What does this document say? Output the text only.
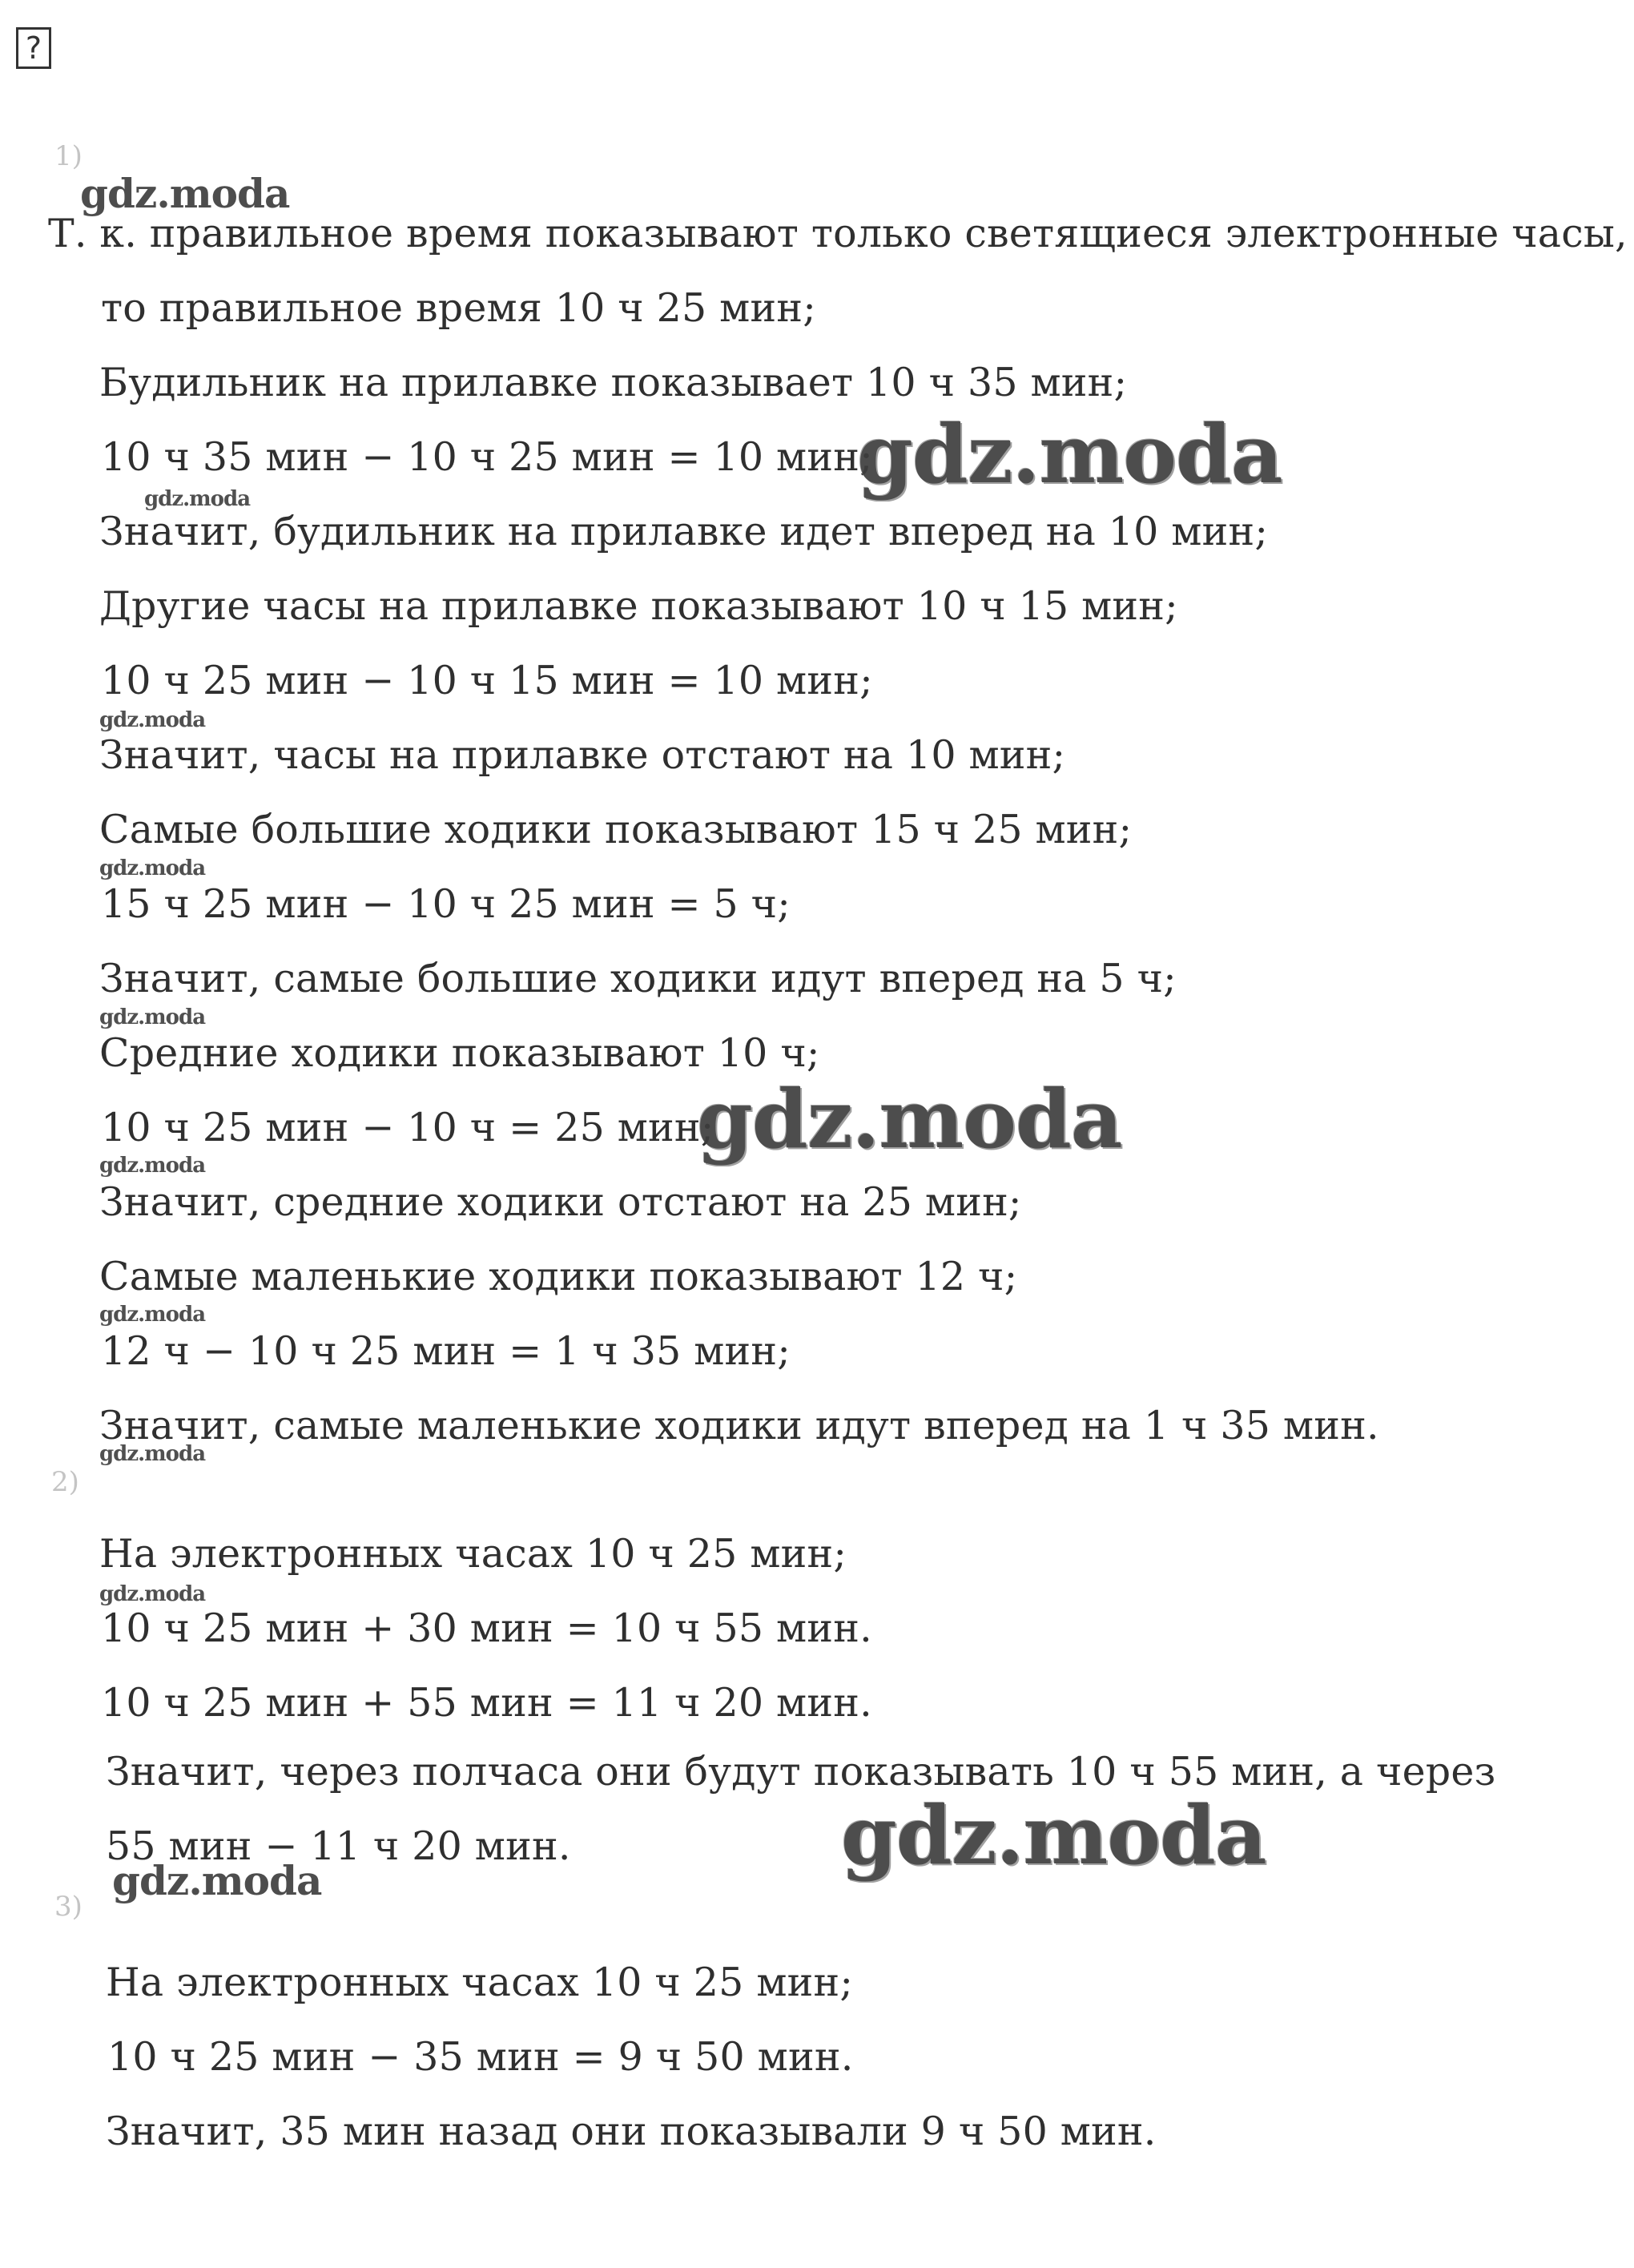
?
1)
2)
3)
Т. к. правильное время показывают только светящиеся электронные часы,
то правильное время 10 ч 25 мин;
Будильник на прилавке показывает 10 ч 35 мин;
10 ч 35 мин − 10 ч 25 мин = 10 мин;
Значит, будильник на прилавке идет вперед на 10 мин;
Другие часы на прилавке показывают 10 ч 15 мин;
10 ч 25 мин − 10 ч 15 мин = 10 мин;
Значит, часы на прилавке отстают на 10 мин;
Самые большие ходики показывают 15 ч 25 мин;
15 ч 25 мин − 10 ч 25 мин = 5 ч;
Значит, самые большие ходики идут вперед на 5 ч;
Средние ходики показывают 10 ч;
10 ч 25 мин − 10 ч = 25 мин;
Значит, средние ходики отстают на 25 мин;
Самые маленькие ходики показывают 12 ч;
12 ч − 10 ч 25 мин = 1 ч 35 мин;
Значит, самые маленькие ходики идут вперед на 1 ч 35 мин.
На электронных часах 10 ч 25 мин;
10 ч 25 мин + 30 мин = 10 ч 55 мин.
10 ч 25 мин + 55 мин = 11 ч 20 мин.
Значит, через полчаса они будут показывать 10 ч 55 мин, а через
55 мин − 11 ч 20 мин.
На электронных часах 10 ч 25 мин;
10 ч 25 мин − 35 мин = 9 ч 50 мин.
Значит, 35 мин назад они показывали 9 ч 50 мин.
gdz.moda
gdz.moda
gdz.moda
gdz.moda
gdz.moda
gdz.moda
gdz.moda
gdz.moda
gdz.moda
gdz.moda
gdz.moda
gdz.moda
gdz.moda
